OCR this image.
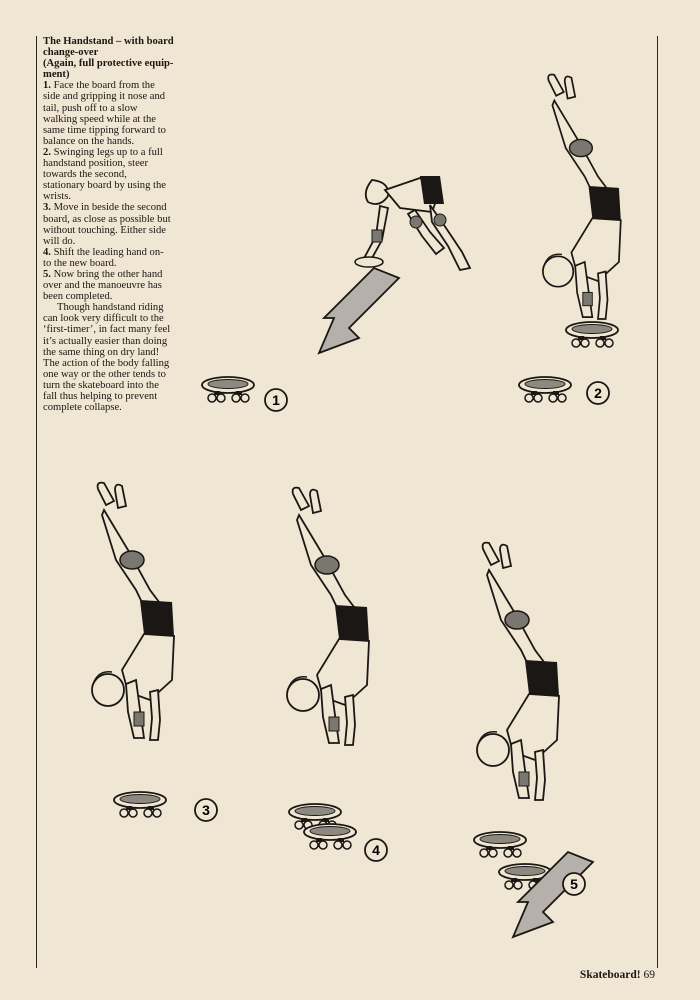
The Handstand – with board
change-over
(Again, full protective equip-
ment)

1. Face the board from the
side and gripping it nose and
tail, push off to a slow
walking speed while at the
same time tipping forward to
balance on the hands.

2. Swinging legs up to a full
handstand position, steer
towards the second,
stationary board by using the
wrists.

3. Move in beside the second
board, as close as possible but
without touching. Either side
will do.

4. Shift the leading hand on-
to the new board.

5. Now bring the other hand
over and the manoeuvre has
been completed.

Though handstand riding
can look very difficult to the
‘first-timer’, in fact many feel
it’s actually easier than doing
the same thing on dry land!
The action of the body falling
one way or the other tends to
turn the skateboard into the
fall thus helping to prevent
complete collapse.	1	2
3
4
5
Skateboard! 69
